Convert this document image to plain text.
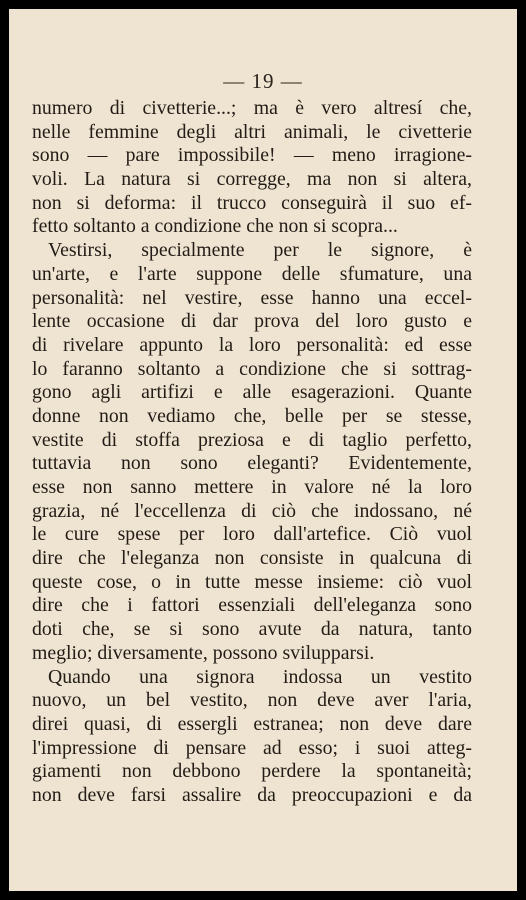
— 19 —
numero di civetterie...; ma è vero altresí che,
nelle femmine degli altri animali, le civetterie
sono — pare impossibile! — meno irragione-
voli. La natura si corregge, ma non si altera,
non si deforma: il trucco conseguirà il suo ef-
fetto soltanto a condizione che non si scopra...
Vestirsi, specialmente per le signore, è
un'arte, e l'arte suppone delle sfumature, una
personalità: nel vestire, esse hanno una eccel-
lente occasione di dar prova del loro gusto e
di rivelare appunto la loro personalità: ed esse
lo faranno soltanto a condizione che si sottrag-
gono agli artifizi e alle esagerazioni. Quante
donne non vediamo che, belle per se stesse,
vestite di stoffa preziosa e di taglio perfetto,
tuttavia non sono eleganti? Evidentemente,
esse non sanno mettere in valore né la loro
grazia, né l'eccellenza di ciò che indossano, né
le cure spese per loro dall'artefice. Ciò vuol
dire che l'eleganza non consiste in qualcuna di
queste cose, o in tutte messe insieme: ciò vuol
dire che i fattori essenziali dell'eleganza sono
doti che, se si sono avute da natura, tanto
meglio; diversamente, possono svilupparsi.
Quando una signora indossa un vestito
nuovo, un bel vestito, non deve aver l'aria,
direi quasi, di essergli estranea; non deve dare
l'impressione di pensare ad esso; i suoi atteg-
giamenti non debbono perdere la spontaneità;
non deve farsi assalire da preoccupazioni e da
